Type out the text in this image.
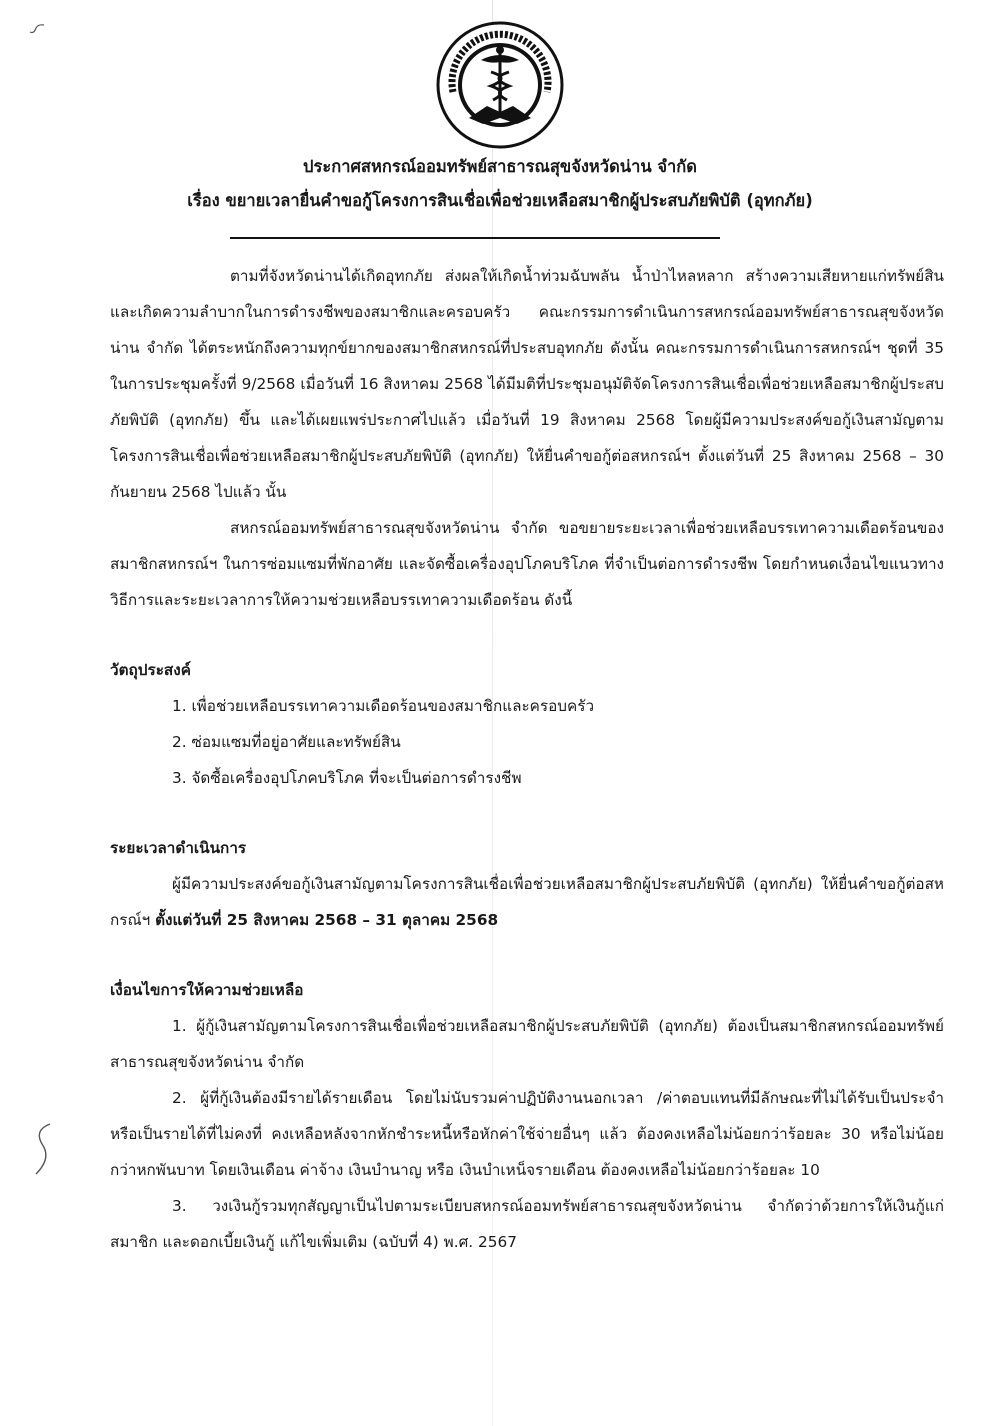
ประกาศสหกรณ์ออมทรัพย์สาธารณสุขจังหวัดน่าน จำกัด
เรื่อง ขยายเวลายื่นคำขอกู้โครงการสินเชื่อเพื่อช่วยเหลือสมาชิกผู้ประสบภัยพิบัติ (อุทกภัย)

ตามที่จังหวัดน่านได้เกิดอุทกภัย ส่งผลให้เกิดน้ำท่วมฉับพลัน น้ำป่าไหลหลาก สร้างความเสียหายแก่ทรัพย์สินและเกิดความลำบากในการดำรงชีพของสมาชิกและครอบครัว คณะกรรมการดำเนินการสหกรณ์ออมทรัพย์สาธารณสุขจังหวัดน่าน จำกัด ได้ตระหนักถึงความทุกข์ยากของสมาชิกสหกรณ์ที่ประสบอุทกภัย ดังนั้น คณะกรรมการดำเนินการสหกรณ์ฯ ชุดที่ 35 ในการประชุมครั้งที่ 9/2568 เมื่อวันที่ 16 สิงหาคม 2568 ได้มีมติที่ประชุมอนุมัติจัดโครงการสินเชื่อเพื่อช่วยเหลือสมาชิกผู้ประสบภัยพิบัติ (อุทกภัย) ขึ้น และได้เผยแพร่ประกาศไปแล้ว เมื่อวันที่ 19 สิงหาคม 2568 โดยผู้มีความประสงค์ขอกู้เงินสามัญตามโครงการสินเชื่อเพื่อช่วยเหลือสมาชิกผู้ประสบภัยพิบัติ (อุทกภัย) ให้ยื่นคำขอกู้ต่อสหกรณ์ฯ ตั้งแต่วันที่ 25 สิงหาคม 2568 – 30 กันยายน 2568 ไปแล้ว นั้น

สหกรณ์ออมทรัพย์สาธารณสุขจังหวัดน่าน จำกัด ขอขยายระยะเวลาเพื่อช่วยเหลือบรรเทาความเดือดร้อนของสมาชิกสหกรณ์ฯ ในการซ่อมแซมที่พักอาศัย และจัดซื้อเครื่องอุปโภคบริโภค ที่จำเป็นต่อการดำรงชีพ โดยกำหนดเงื่อนไขแนวทางวิธีการและระยะเวลาการให้ความช่วยเหลือบรรเทาความเดือดร้อน ดังนี้

วัตถุประสงค์

1. เพื่อช่วยเหลือบรรเทาความเดือดร้อนของสมาชิกและครอบครัว
2. ซ่อมแซมที่อยู่อาศัยและทรัพย์สิน
3. จัดซื้อเครื่องอุปโภคบริโภค ที่จะเป็นต่อการดำรงชีพ

ระยะเวลาดำเนินการ

ผู้มีความประสงค์ขอกู้เงินสามัญตามโครงการสินเชื่อเพื่อช่วยเหลือสมาชิกผู้ประสบภัยพิบัติ (อุทกภัย) ให้ยื่นคำขอกู้ต่อสหกรณ์ฯ ตั้งแต่วันที่ 25 สิงหาคม 2568 – 31 ตุลาคม 2568

เงื่อนไขการให้ความช่วยเหลือ

1. ผู้กู้เงินสามัญตามโครงการสินเชื่อเพื่อช่วยเหลือสมาชิกผู้ประสบภัยพิบัติ (อุทกภัย) ต้องเป็นสมาชิกสหกรณ์ออมทรัพย์สาธารณสุขจังหวัดน่าน จำกัด

2. ผู้ที่กู้เงินต้องมีรายได้รายเดือน โดยไม่นับรวมค่าปฏิบัติงานนอกเวลา /ค่าตอบแทนที่มีลักษณะที่ไม่ได้รับเป็นประจำ หรือเป็นรายได้ที่ไม่คงที่ คงเหลือหลังจากหักชำระหนี้หรือหักค่าใช้จ่ายอื่นๆ แล้ว ต้องคงเหลือไม่น้อยกว่าร้อยละ 30 หรือไม่น้อยกว่าหกพันบาท โดยเงินเดือน ค่าจ้าง เงินบำนาญ หรือ เงินบำเหน็จรายเดือน ต้องคงเหลือไม่น้อยกว่าร้อยละ 10

3. วงเงินกู้รวมทุกสัญญาเป็นไปตามระเบียบสหกรณ์ออมทรัพย์สาธารณสุขจังหวัดน่าน จำกัดว่าด้วยการให้เงินกู้แก่สมาชิก และดอกเบี้ยเงินกู้ แก้ไขเพิ่มเติม (ฉบับที่ 4) พ.ศ. 2567
